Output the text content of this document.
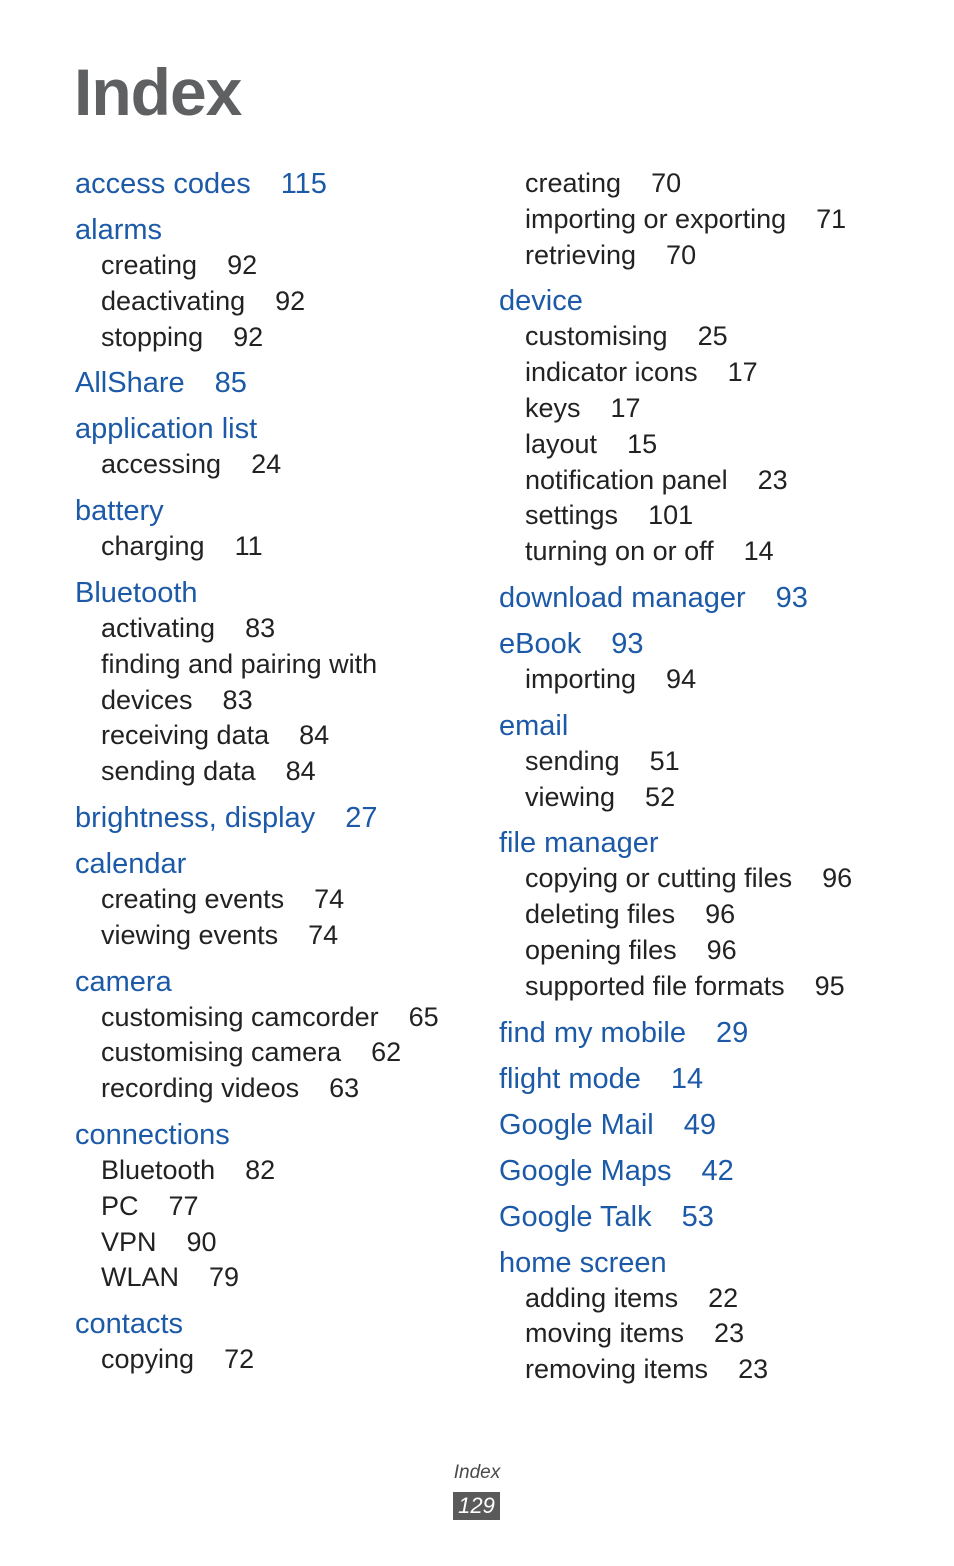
Index
access codes 115
alarms
creating 92
deactivating 92
stopping 92
AllShare 85
application list
accessing 24
battery
charging 11
Bluetooth
activating 83
finding and pairing with
devices 83
receiving data 84
sending data 84
brightness, display 27
calendar
creating events 74
viewing events 74
camera
customising camcorder 65
customising camera 62
recording videos 63
connections
Bluetooth 82
PC 77
VPN 90
WLAN 79
contacts
copying 72
creating 70
importing or exporting 71
retrieving 70
device
customising 25
indicator icons 17
keys 17
layout 15
notification panel 23
settings 101
turning on or off 14
download manager 93
eBook 93
importing 94
email
sending 51
viewing 52
file manager
copying or cutting files 96
deleting files 96
opening files 96
supported file formats 95
find my mobile 29
flight mode 14
Google Mail 49
Google Maps 42
Google Talk 53
home screen
adding items 22
moving items 23
removing items 23
Index
129
